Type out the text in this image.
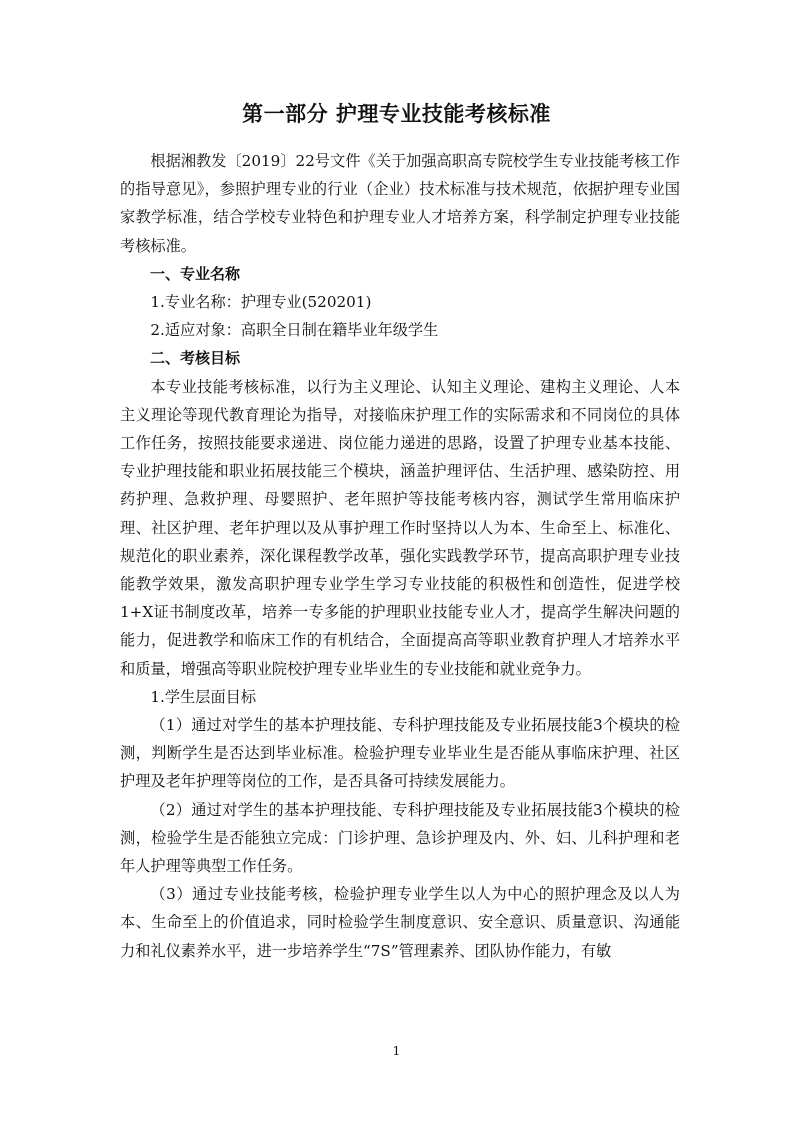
第一部分 护理专业技能考核标准

根据湘教发〔2019〕22号文件《关于加强高职高专院校学生专业技能考核工作的指导意见》，参照护理专业的行业（企业）技术标准与技术规范，依据护理专业国家教学标准，结合学校专业特色和护理专业人才培养方案，科学制定护理专业技能考核标准。

一、专业名称

1.专业名称：护理专业(520201)

2.适应对象：高职全日制在籍毕业年级学生

二、考核目标

本专业技能考核标准，以行为主义理论、认知主义理论、建构主义理论、人本主义理论等现代教育理论为指导，对接临床护理工作的实际需求和不同岗位的具体工作任务，按照技能要求递进、岗位能力递进的思路，设置了护理专业基本技能、专业护理技能和职业拓展技能三个模块，涵盖护理评估、生活护理、感染防控、用药护理、急救护理、母婴照护、老年照护等技能考核内容，测试学生常用临床护理、社区护理、老年护理以及从事护理工作时坚持以人为本、生命至上、标准化、规范化的职业素养，深化课程教学改革，强化实践教学环节，提高高职护理专业技能教学效果，激发高职护理专业学生学习专业技能的积极性和创造性，促进学校1+X证书制度改革，培养一专多能的护理职业技能专业人才，提高学生解决问题的能力，促进教学和临床工作的有机结合，全面提高高等职业教育护理人才培养水平和质量，增强高等职业院校护理专业毕业生的专业技能和就业竞争力。

1.学生层面目标

（1）通过对学生的基本护理技能、专科护理技能及专业拓展技能3个模块的检测，判断学生是否达到毕业标准。检验护理专业毕业生是否能从事临床护理、社区护理及老年护理等岗位的工作，是否具备可持续发展能力。

（2）通过对学生的基本护理技能、专科护理技能及专业拓展技能3个模块的检测，检验学生是否能独立完成：门诊护理、急诊护理及内、外、妇、儿科护理和老年人护理等典型工作任务。

（3）通过专业技能考核，检验护理专业学生以人为中心的照护理念及以人为本、生命至上的价值追求，同时检验学生制度意识、安全意识、质量意识、沟通能力和礼仪素养水平，进一步培养学生“7S”管理素养、团队协作能力，有敏

1
